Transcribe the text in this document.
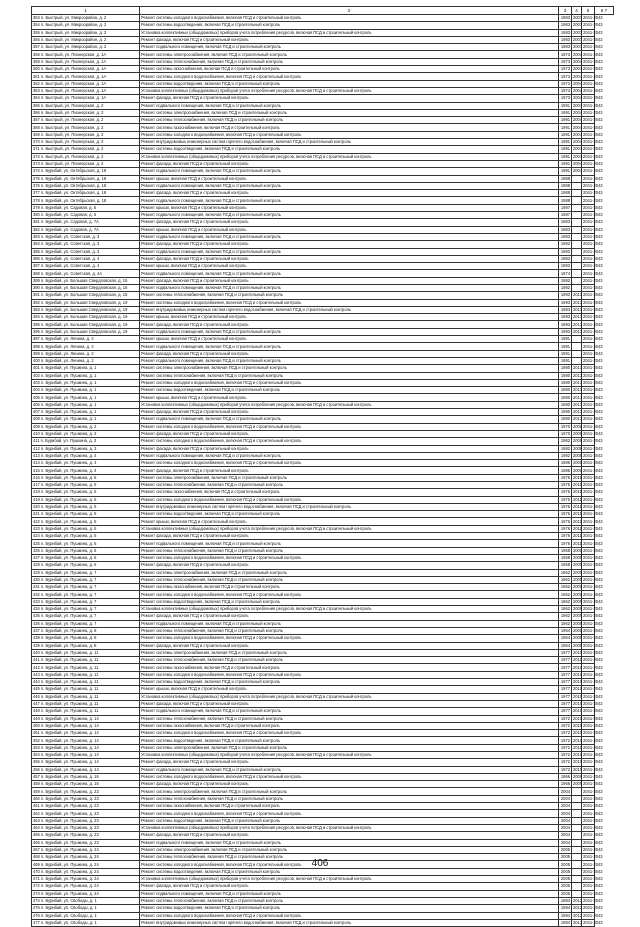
1	2	3	4	5	6 7
353 п. Быстрый, ул. Микроорайон, д. 2	Ремонт системы холодного водоснабжения, включая ПСД и строительный контроль	1983	2007	2041-2043	
354 п. Быстрый, ул. Микроорайон, д. 2	Ремонт системы водоотведения, включая ПСД и строительный контроль	1983	2007	2041-2043	
355 п. Быстрый, ул. Микроорайон, д. 2	Установка коллективных (общедомовых) приборов учета потребления ресурсов, включая ПСД и строительный контроль	1983	2007	2041-2043	
356 п. Быстрый, ул. Микроорайон, д. 2	Ремонт фасада, включая ПСД и строительный контроль	1983	2007	2041-2043	
357 п. Быстрый, ул. Микроорайон, д. 2	Ремонт подвального помещения, включая ПСД и строительный контроль	1983	2007	2041-2043	
358 п. Быстрый, ул. Пионерская, д. 1А	Ремонт системы электроснабжения, включая ПСД и строительный контроль	1973	2004	2041-2043	
359 п. Быстрый, ул. Пионерская, д. 1А	Ремонт системы теплоснабжения, включая ПСД и строительный контроль	1973	2004	2041-2043	
360 п. Быстрый, ул. Пионерская, д. 1А	Ремонт системы газоснабжения, включая ПСД и строительный контроль	1973	2004	2041-2043	
361 п. Быстрый, ул. Пионерская, д. 1А	Ремонт системы холодного водоснабжения, включая ПСД и строительный контроль	1973	2004	2041-2043	
362 п. Быстрый, ул. Пионерская, д. 1А	Ремонт системы водоотведения, включая ПСД и строительный контроль	1973	2004	2041-2043	
363 п. Быстрый, ул. Пионерская, д. 1А	Установка коллективных (общедомовых) приборов учета потребления ресурсов, включая ПСД и строительный контроль	1973	2004	2041-2043	
364 п. Быстрый, ул. Пионерская, д. 1А	Ремонт фасада, включая ПСД и строительный контроль	1973	2004	2041-2043	
365 п. Быстрый, ул. Пионерская, д. 2	Ремонт подвального помещения, включая ПСД и строительный контроль	1991	2004	2041-2043	
366 п. Быстрый, ул. Пионерская, д. 2	Ремонт системы электроснабжения, включая ПСД и строительный контроль	1991	2004	2041-2043	
367 п. Быстрый, ул. Пионерская, д. 2	Ремонт системы теплоснабжения, включая ПСД и строительный контроль	1991	2004	2041-2043	
368 п. Быстрый, ул. Пионерская, д. 2	Ремонт системы газоснабжения, включая ПСД и строительный контроль	1991	2004	2041-2043	
369 п. Быстрый, ул. Пионерская, д. 2	Ремонт системы холодного водоснабжения, включая ПСД и строительный контроль	1991	2004	2041-2043	
370 п. Быстрый, ул. Пионерская, д. 2	Ремонт внутридомовых инженерных систем горячего водоснабжения, включая ПСД и строительный контроль	1991	2004	2041-2043	
371 п. Быстрый, ул. Пионерская, д. 2	Ремонт системы водоотведения, включая ПСД и строительный контроль	1991	2004	2041-2043	
372 п. Быстрый, ул. Пионерская, д. 2	Установка коллективных (общедомовых) приборов учета потребления ресурсов, включая ПСД и строительный контроль	1991	2004	2041-2043	
373 п. Быстрый, ул. Пионерская, д. 2	Ремонт фасада, включая ПСД и строительный контроль	1991	2004	2041-2043	
374 п. Бурибай, ул. Октябрьская, д. 18	Ремонт подвального помещения, включая ПСД и строительный контроль	1991	2004	2041-2043	
375 п. Бурибай, ул. Октябрьская, д. 18	Ремонт крыши, включая ПСД и строительный контроль	1988		2041-2043	
376 п. Бурибай, ул. Октябрьская, д. 18	Ремонт подвального помещения, включая ПСД и строительный контроль	1988		2041-2043	
377 п. Бурибай, ул. Октябрьская, д. 18	Ремонт фасада, включая ПСД и строительный контроль	1988		2041-2043	
378 п. Бурибай, ул. Октябрьская, д. 18	Ремонт подвального помещения, включая ПСД и строительный контроль	1988		2041-2043	
379 п. Бурибай, ул. Садовая, д. 5	Ремонт крыши, включая ПСД и строительный контроль	1987		2041-2043	
380 п. Бурибай, ул. Садовая, д. 5	Ремонт подвального помещения, включая ПСД и строительный контроль	1987		2041-2043	
381 п. Бурибай, ул. Садовая, д. 7А	Ремонт фасада, включая ПСД и строительный контроль	1983		2041-2043	
382 п. Бурибай, ул. Садовая, д. 7А	Ремонт крыши, включая ПСД и строительный контроль	1983		2041-2043	
383 п. Бурибай, ул. Советская, д. 3	Ремонт подвального помещения, включая ПСД и строительный контроль	1983		2041-2043	
384 п. Бурибай, ул. Советская, д. 3	Ремонт фасада, включая ПСД и строительный контроль	1982		2041-2043	
385 п. Бурибай, ул. Советская, д. 3	Ремонт подвального помещения, включая ПСД и строительный контроль	1982		2041-2043	
386 п. Бурибай, ул. Советская, д. 4	Ремонт фасада, включая ПСД и строительный контроль	1983		2041-2043	
387 п. Бурибай, ул. Советская, д. 4	Ремонт крыши, включая ПСД и строительный контроль	1983		2041-2043	
388 п. Бурибай, ул. Советская, д. 4А	Ремонт подвального помещения, включая ПСД и строительный контроль	1974		2041-2043	
389 п. Бурибай, ул. Большая Свердловская, д. 15	Ремонт фасада, включая ПСД и строительный контроль	1982		2041-2043	
390 п. Бурибай, ул. Большая Свердловская, д. 15	Ремонт подвального помещения, включая ПСД и строительный контроль	1982		2041-2043	
391 п. Бурибай, ул. Большая Свердловская, д. 15	Ремонт системы теплоснабжения, включая ПСД и строительный контроль	1993	2013	2041-2043	
392 п. Бурибай, ул. Большая Свердловская, д. 19	Ремонт системы холодного водоснабжения, включая ПСД и строительный контроль	1993	2013	2041-2043	
393 п. Бурибай, ул. Большая Свердловская, д. 19	Ремонт внутридомовых инженерных систем горячего водоснабжения, включая ПСД и строительный контроль	1993	2013	2041-2043	
394 п. Бурибай, ул. Большая Свердловская, д. 19	Ремонт крыши, включая ПСД и строительный контроль	1993	2013	2041-2043	
395 п. Бурибай, ул. Большая Свердловская, д. 19	Ремонт фасада, включая ПСД и строительный контроль	1993	2013	2041-2043	
396 п. Бурибай, ул. Большая Свердловская, д. 19	Ремонт подвального помещения, включая ПСД и строительный контроль	1993	2013	2041-2043	
397 п. Бурибай, ул. Ленина, д. 2	Ремонт крыши, включая ПСД и строительный контроль	1991		2041-2043	
398 п. Бурибай, ул. Ленина, д. 2	Ремонт подвального помещения, включая ПСД и строительный контроль	1991		2041-2043	
399 п. Бурибай, ул. Ленина, д. 2	Ремонт фасада, включая ПСД и строительный контроль	1991		2041-2043	
400 п. Бурибай, ул. Ленина, д. 2	Ремонт подвального помещения, включая ПСД и строительный контроль	1991		2041-2043	
401 п. Бурибай, ул. Пушкина, д. 1	Ремонт системы электроснабжения, включая ПСД и строительный контроль	1980	2013	2041-2043	
402 п. Бурибай, ул. Пушкина, д. 1	Ремонт системы теплоснабжения, включая ПСД и строительный контроль	1980	2013	2041-2043	
403 п. Бурибай, ул. Пушкина, д. 1	Ремонт системы холодного водоснабжения, включая ПСД и строительный контроль	1980	2013	2041-2043	
404 п. Бурибай, ул. Пушкина, д. 1	Ремонт системы водоотведения, включая ПСД и строительный контроль	1980	2013	2041-2043	
405 п. Бурибай, ул. Пушкина, д. 1	Ремонт крыши, включая ПСД и строительный контроль	1980	2013	2041-2043	
406 п. Бурибай, ул. Пушкина, д. 1	Установка коллективных (общедомовых) приборов учета потребления ресурсов, включая ПСД и строительный контроль	1980	2013	2041-2043	
407 п. Бурибай, ул. Пушкина, д. 1	Ремонт фасада, включая ПСД и строительный контроль	1980	2013	2041-2043	
408 п. Бурибай, ул. Пушкина, д. 1	Ремонт подвального помещения, включая ПСД и строительный контроль	1980	2013	2041-2043	
409 п. Бурибай, ул. Пушкина, д. 2	Ремонт системы холодного водоснабжения, включая ПСД и строительный контроль	1970	2008	2041-2043	
410 п. Бурибай, ул. Пушкина, д. 2	Ремонт фасада, включая ПСД и строительный контроль	1970	2008	2041-2043	
411 п. Бурибай, ул. Пушкина, д. 3	Ремонт системы холодного водоснабжения, включая ПСД и строительный контроль	1982	2008	2041-2043	
412 п. Бурибай, ул. Пушкина, д. 3	Ремонт фасада, включая ПСД и строительный контроль	1982	2008	2041-2043	
413 п. Бурибай, ул. Пушкина, д. 4	Ремонт подвального помещения, включая ПСД и строительный контроль	1982	2008	2041-2043	
414 п. Бурибай, ул. Пушкина, д. 4	Ремонт системы холодного водоснабжения, включая ПСД и строительный контроль	1986	2009	2041-2043	
415 п. Бурибай, ул. Пушкина, д. 4	Ремонт фасада, включая ПСД и строительный контроль	1986	2009	2041-2043	
416 п. Бурибай, ул. Пушкина, д. 5	Ремонт системы электроснабжения, включая ПСД и строительный контроль	1976	2011	2041-2043	
417 п. Бурибай, ул. Пушкина, д. 5	Ремонт системы теплоснабжения, включая ПСД и строительный контроль	1976	2011	2041-2043	
418 п. Бурибай, ул. Пушкина, д. 5	Ремонт системы газоснабжения, включая ПСД и строительный контроль	1976	2011	2041-2043	
419 п. Бурибай, ул. Пушкина, д. 5	Ремонт системы холодного водоснабжения, включая ПСД и строительный контроль	1976	2011	2041-2043	
420 п. Бурибай, ул. Пушкина, д. 5	Ремонт внутридомовых инженерных систем горячего водоснабжения, включая ПСД и строительный контроль	1976	2011	2041-2043	
421 п. Бурибай, ул. Пушкина, д. 5	Ремонт системы водоотведения, включая ПСД и строительный контроль	1976	2011	2041-2043	
422 п. Бурибай, ул. Пушкина, д. 5	Ремонт крыши, включая ПСД и строительный контроль	1976	2011	2041-2043	
423 п. Бурибай, ул. Пушкина, д. 5	Установка коллективных (общедомовых) приборов учета потребления ресурсов, включая ПСД и строительный контроль	1976	2011	2041-2043	
424 п. Бурибай, ул. Пушкина, д. 5	Ремонт фасада, включая ПСД и строительный контроль	1976	2011	2041-2043	
425 п. Бурибай, ул. Пушкина, д. 5	Ремонт подвального помещения, включая ПСД и строительный контроль	1976	2011	2041-2043	
426 п. Бурибай, ул. Пушкина, д. 6	Ремонт системы теплоснабжения, включая ПСД и строительный контроль	1958	2009	2041-2043	
427 п. Бурибай, ул. Пушкина, д. 6	Ремонт системы холодного водоснабжения, включая ПСД и строительный контроль	1958	2009	2041-2043	
428 п. Бурибай, ул. Пушкина, д. 6	Ремонт фасада, включая ПСД и строительный контроль	1958	2009	2041-2043	
429 п. Бурибай, ул. Пушкина, д. 7	Ремонт системы электроснабжения, включая ПСД и строительный контроль	1962	2009	2041-2043	
430 п. Бурибай, ул. Пушкина, д. 7	Ремонт системы теплоснабжения, включая ПСД и строительный контроль	1962	2009	2041-2043	
431 п. Бурибай, ул. Пушкина, д. 7	Ремонт системы газоснабжения, включая ПСД и строительный контроль	1962	2009	2041-2043	
432 п. Бурибай, ул. Пушкина, д. 7	Ремонт системы холодного водоснабжения, включая ПСД и строительный контроль	1962	2009	2041-2043	
433 п. Бурибай, ул. Пушкина, д. 7	Ремонт системы водоотведения, включая ПСД и строительный контроль	1962	2009	2041-2043	
434 п. Бурибай, ул. Пушкина, д. 7	Установка коллективных (общедомовых) приборов учета потребления ресурсов, включая ПСД и строительный контроль	1962	2009	2041-2043	
435 п. Бурибай, ул. Пушкина, д. 7	Ремонт фасада, включая ПСД и строительный контроль	1962	2009	2041-2043	
436 п. Бурибай, ул. Пушкина, д. 7	Ремонт подвального помещения, включая ПСД и строительный контроль	1962	2009	2041-2043	
437 п. Бурибай, ул. Пушкина, д. 8	Ремонт системы теплоснабжения, включая ПСД и строительный контроль	1964	2009	2041-2043	
438 п. Бурибай, ул. Пушкина, д. 8	Ремонт системы холодного водоснабжения, включая ПСД и строительный контроль	1964	2009	2041-2043	
439 п. Бурибай, ул. Пушкина, д. 8	Ремонт фасада, включая ПСД и строительный контроль	1964	2009	2041-2043	
440 п. Бурибай, ул. Пушкина, д. 11	Ремонт системы электроснабжения, включая ПСД и строительный контроль	1977	2010	2041-2043	
441 п. Бурибай, ул. Пушкина, д. 11	Ремонт системы теплоснабжения, включая ПСД и строительный контроль	1977	2010	2041-2043	
442 п. Бурибай, ул. Пушкина, д. 11	Ремонт системы газоснабжения, включая ПСД и строительный контроль	1977	2010	2041-2043	
443 п. Бурибай, ул. Пушкина, д. 11	Ремонт системы холодного водоснабжения, включая ПСД и строительный контроль	1977	2010	2041-2043	
444 п. Бурибай, ул. Пушкина, д. 11	Ремонт системы водоотведения, включая ПСД и строительный контроль	1977	2010	2041-2043	
445 п. Бурибай, ул. Пушкина, д. 11	Ремонт крыши, включая ПСД и строительный контроль	1977	2010	2041-2043	
446 п. Бурибай, ул. Пушкина, д. 11	Установка коллективных (общедомовых) приборов учета потребления ресурсов, включая ПСД и строительный контроль	1977	2010	2041-2043	
447 п. Бурибай, ул. Пушкина, д. 11	Ремонт фасада, включая ПСД и строительный контроль	1977	2010	2041-2043	
448 п. Бурибай, ул. Пушкина, д. 11	Ремонт подвального помещения, включая ПСД и строительный контроль	1977	2010	2041-2043	
449 п. Бурибай, ул. Пушкина, д. 14	Ремонт системы теплоснабжения, включая ПСД и строительный контроль	1972	2010	2041-2043	
450 п. Бурибай, ул. Пушкина, д. 14	Ремонт системы газоснабжения, включая ПСД и строительный контроль	1972	2010	2041-2043	
451 п. Бурибай, ул. Пушкина, д. 14	Ремонт системы холодного водоснабжения, включая ПСД и строительный контроль	1972	2010	2041-2043	
452 п. Бурибай, ул. Пушкина, д. 14	Ремонт системы водоотведения, включая ПСД и строительный контроль	1972	2010	2041-2043	
453 п. Бурибай, ул. Пушкина, д. 14	Ремонт системы электроснабжения, включая ПСД и строительный контроль	1972	2010	2041-2043	
454 п. Бурибай, ул. Пушкина, д. 14	Установка коллективных (общедомовых) приборов учета потребления ресурсов, включая ПСД и строительный контроль	1972	2010	2041-2043	
455 п. Бурибай, ул. Пушкина, д. 14	Ремонт фасада, включая ПСД и строительный контроль	1972	2010	2041-2043	
456 п. Бурибай, ул. Пушкина, д. 14	Ремонт подвального помещения, включая ПСД и строительный контроль	1972	2010	2041-2043	
457 п. Бурибай, ул. Пушкина, д. 16	Ремонт системы холодного водоснабжения, включая ПСД и строительный контроль	1966	2009	2041-2043	
458 п. Бурибай, ул. Пушкина, д. 16	Ремонт фасада, включая ПСД и строительный контроль	1966	2009	2041-2043	
459 п. Бурибай, ул. Пушкина, д. 23	Ремонт системы электроснабжения, включая ПСД и строительный контроль	2004		2041-2043	
460 п. Бурибай, ул. Пушкина, д. 23	Ремонт системы теплоснабжения, включая ПСД и строительный контроль	2004		2041-2043	
461 п. Бурибай, ул. Пушкина, д. 23	Ремонт системы газоснабжения, включая ПСД и строительный контроль	2004		2041-2043	
462 п. Бурибай, ул. Пушкина, д. 23	Ремонт системы холодного водоснабжения, включая ПСД и строительный контроль	2004		2041-2043	
463 п. Бурибай, ул. Пушкина, д. 23	Ремонт системы водоотведения, включая ПСД и строительный контроль	2004		2041-2043	
464 п. Бурибай, ул. Пушкина, д. 23	Установка коллективных (общедомовых) приборов учета потребления ресурсов, включая ПСД и строительный контроль	2004		2041-2043	
465 п. Бурибай, ул. Пушкина, д. 23	Ремонт фасада, включая ПСД и строительный контроль	2004		2041-2043	
466 п. Бурибай, ул. Пушкина, д. 23	Ремонт подвального помещения, включая ПСД и строительный контроль	2004		2041-2043	
467 п. Бурибай, ул. Пушкина, д. 24	Ремонт системы электроснабжения, включая ПСД и строительный контроль	2005		2041-2043	
468 п. Бурибай, ул. Пушкина, д. 24	Ремонт системы теплоснабжения, включая ПСД и строительный контроль	2005		2041-2043	
469 п. Бурибай, ул. Пушкина, д. 24	Ремонт системы холодного водоснабжения, включая ПСД и строительный контроль	2005		2041-2043	
470 п. Бурибай, ул. Пушкина, д. 24	Ремонт системы водоотведения, включая ПСД и строительный контроль	2005		2041-2043	
471 п. Бурибай, ул. Пушкина, д. 24	Установка коллективных (общедомовых) приборов учета потребления ресурсов, включая ПСД и строительный контроль	2005		2041-2043	
472 п. Бурибай, ул. Пушкина, д. 24	Ремонт фасада, включая ПСД и строительный контроль	2005		2041-2043	
473 п. Бурибай, ул. Пушкина, д. 24	Ремонт подвального помещения, включая ПСД и строительный контроль	2005		2041-2043	
474 п. Бурибай, ул. Свободы, д. 1	Ремонт системы теплоснабжения, включая ПСД и строительный контроль	1984	2012	2041-2043	
475 п. Бурибай, ул. Свободы, д. 1	Ремонт системы водоотведения, включая ПСД и строительный контроль	1984	2012	2041-2043	
476 п. Бурибай, ул. Свободы, д. 1	Ремонт системы холодного водоснабжения, включая ПСД и строительный контроль	1984	2012	2041-2043	
477 п. Бурибай, ул. Свободы, д. 1	Ремонт внутридомовых инженерных систем горячего водоснабжения, включая ПСД и строительный контроль	1984	2012	2041-2043	
406
